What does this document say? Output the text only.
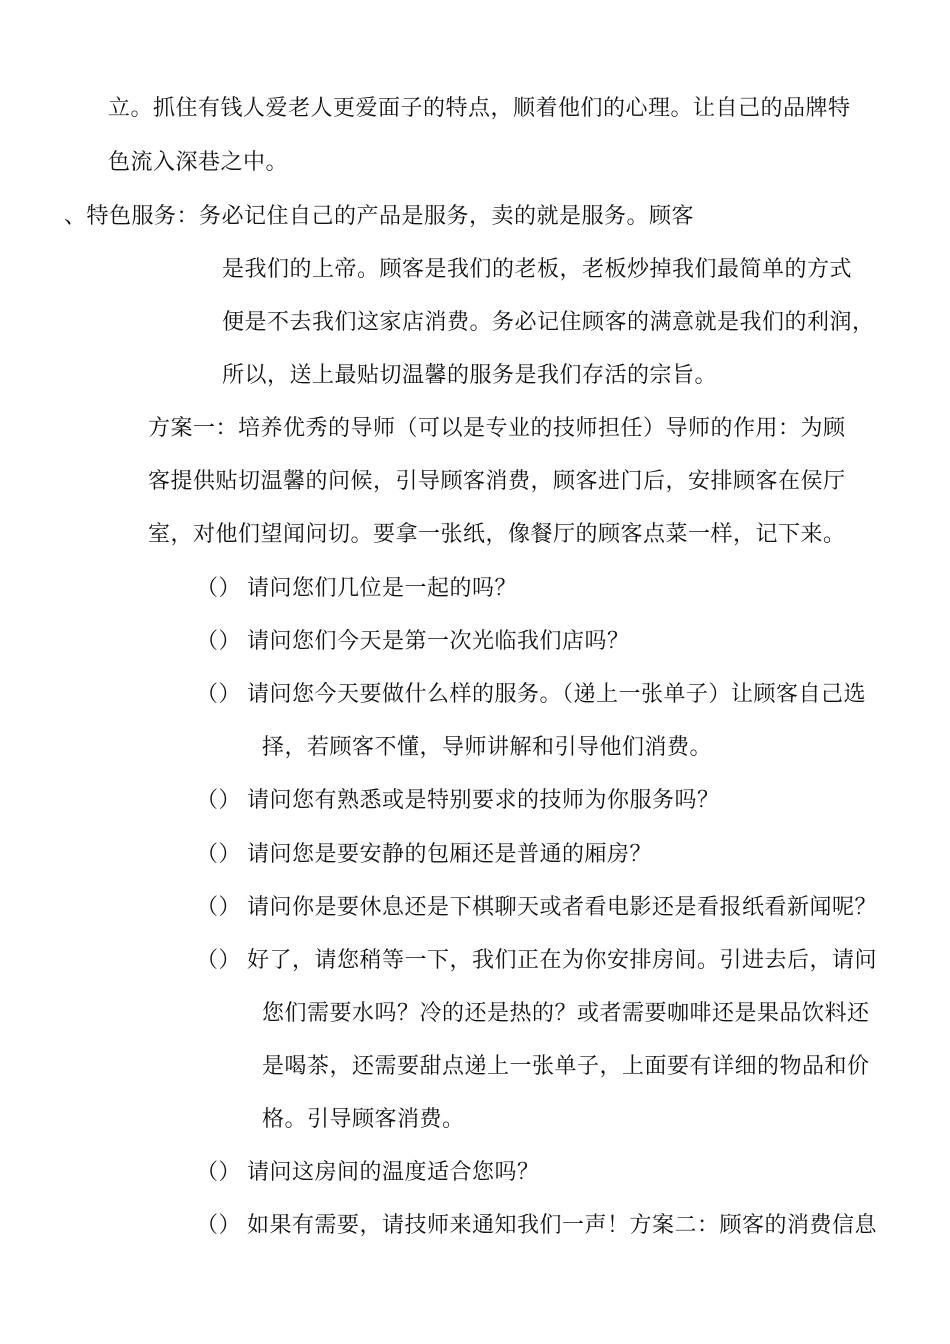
立。抓住有钱人爱老人更爱面子的特点，顺着他们的心理。让自己的品牌特
色流入深巷之中。
、特色服务：务必记住自己的产品是服务，卖的就是服务。顾客
是我们的上帝。顾客是我们的老板，老板炒掉我们最简单的方式
便是不去我们这家店消费。务必记住顾客的满意就是我们的利润，
所以，送上最贴切温馨的服务是我们存活的宗旨。
方案一：培养优秀的导师（可以是专业的技师担任）导师的作用：为顾
客提供贴切温馨的问候，引导顾客消费，顾客进门后，安排顾客在侯厅
室，对他们望闻问切。要拿一张纸，像餐厅的顾客点菜一样，记下来。
（） 请问您们几位是一起的吗？
（） 请问您们今天是第一次光临我们店吗？
（） 请问您今天要做什么样的服务。（递上一张单子）让顾客自己选
择，若顾客不懂，导师讲解和引导他们消费。
（） 请问您有熟悉或是特别要求的技师为你服务吗？
（） 请问您是要安静的包厢还是普通的厢房？
（） 请问你是要休息还是下棋聊天或者看电影还是看报纸看新闻呢？
（） 好了，请您稍等一下，我们正在为你安排房间。引进去后，请问
您们需要水吗？冷的还是热的？或者需要咖啡还是果品饮料还
是喝茶，还需要甜点递上一张单子，上面要有详细的物品和价
格。引导顾客消费。
（） 请问这房间的温度适合您吗？
（） 如果有需要，请技师来通知我们一声！方案二：顾客的消费信息
